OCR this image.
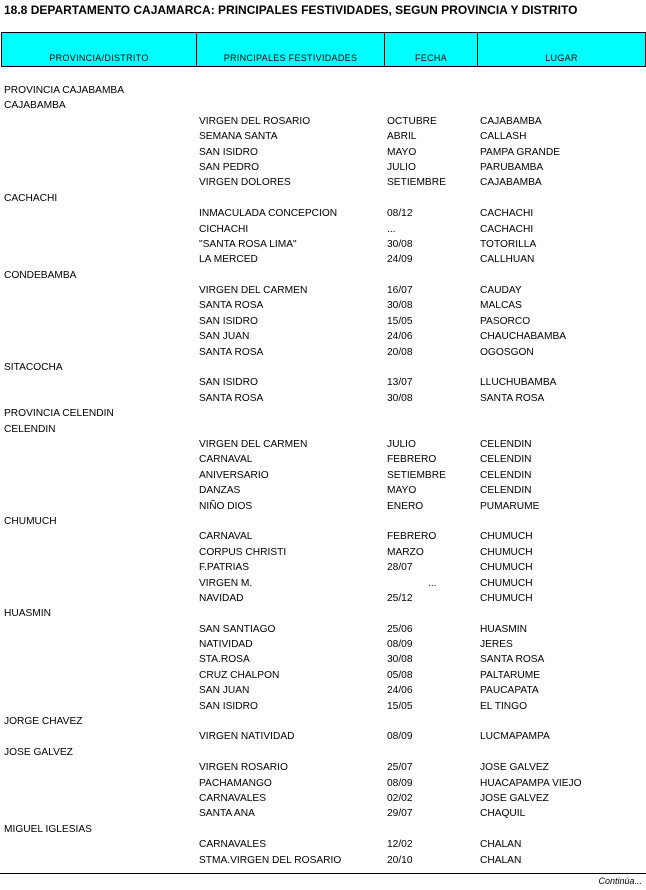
18.8 DEPARTAMENTO CAJAMARCA: PRINCIPALES FESTIVIDADES, SEGUN PROVINCIA Y DISTRITO
PROVINCIA/DISTRITO	PRINCIPALES FESTIVIDADES	FECHA	LUGAR
PROVINCIA CAJABAMBA
CAJABAMBA
VIRGEN DEL ROSARIO	OCTUBRE	CAJABAMBA
SEMANA SANTA	ABRIL	CALLASH
SAN ISIDRO	MAYO	PAMPA GRANDE
SAN PEDRO	JULIO	PARUBAMBA
VIRGEN DOLORES	SETIEMBRE	CAJABAMBA
CACHACHI
INMACULADA CONCEPCION	08/12	CACHACHI
CICHACHI	...	CACHACHI
"SANTA ROSA LIMA"	30/08	TOTORILLA
LA MERCED	24/09	CALLHUAN
CONDEBAMBA
VIRGEN DEL CARMEN	16/07	CAUDAY
SANTA ROSA	30/08	MALCAS
SAN ISIDRO	15/05	PASORCO
SAN JUAN	24/06	CHAUCHABAMBA
SANTA ROSA	20/08	OGOSGON
SITACOCHA
SAN ISIDRO	13/07	LLUCHUBAMBA
SANTA ROSA	30/08	SANTA ROSA
PROVINCIA CELENDIN
CELENDIN
VIRGEN DEL CARMEN	JULIO	CELENDIN
CARNAVAL	FEBRERO	CELENDIN
ANIVERSARIO	SETIEMBRE	CELENDIN
DANZAS	MAYO	CELENDIN
NIÑO DIOS	ENERO	PUMARUME
CHUMUCH
CARNAVAL	FEBRERO	CHUMUCH
CORPUS CHRISTI	MARZO	CHUMUCH
F.PATRIAS	28/07	CHUMUCH
VIRGEN M.	...	CHUMUCH
NAVIDAD	25/12	CHUMUCH
HUASMIN
SAN SANTIAGO	25/06	HUASMIN
NATIVIDAD	08/09	JERES
STA.ROSA	30/08	SANTA ROSA
CRUZ CHALPON	05/08	PALTARUME
SAN JUAN	24/06	PAUCAPATA
SAN ISIDRO	15/05	EL TINGO
JORGE CHAVEZ
VIRGEN NATIVIDAD	08/09	LUCMAPAMPA
JOSE GALVEZ
VIRGEN ROSARIO	25/07	JOSE GALVEZ
PACHAMANGO	08/09	HUACAPAMPA VIEJO
CARNAVALES	02/02	JOSE GALVEZ
SANTA ANA	29/07	CHAQUIL
MIGUEL IGLESIAS
CARNAVALES	12/02	CHALAN
STMA.VIRGEN DEL ROSARIO	20/10	CHALAN
Continúa...
